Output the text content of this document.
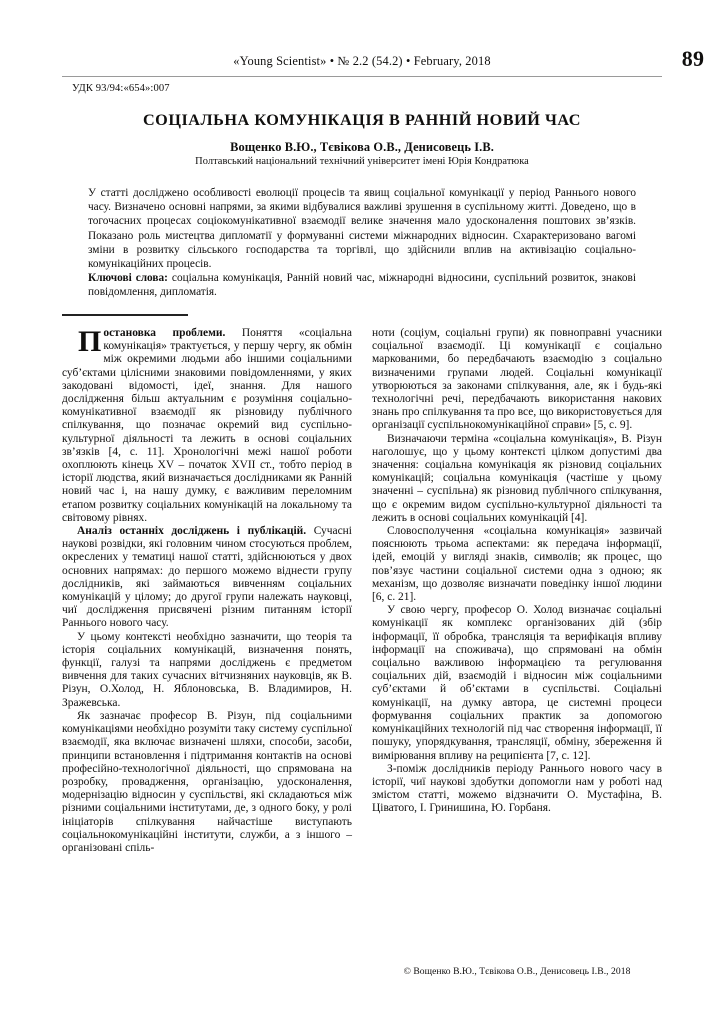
«Young Scientist» • № 2.2 (54.2) • February, 2018	89
УДК 93/94:«654»:007
СОЦІАЛЬНА КОМУНІКАЦІЯ В РАННІЙ НОВИЙ ЧАС
Вощенко В.Ю., Тєвікова О.В., Денисовець І.В.
Полтавський національний технічний університет імені Юрія Кондратюка

У статті досліджено особливості еволюції процесів та явищ соціальної комунікації у період Раннього нового часу. Визначено основні напрями, за якими відбувалися важливі зрушення в суспільному житті. Доведено, що в тогочасних процесах соціокомунікативної взаємодії велике значення мало удосконалення поштових зв’язків. Показано роль мистецтва дипломатії у формуванні системи міжнародних відносин. Схарактеризовано вагомі зміни в розвитку сільського господарства та торгівлі, що здійснили вплив на активізацію соціально-комунікаційних процесів.

Ключові слова: соціальна комунікація, Ранній новий час, міжнародні відносини, суспільний розвиток, знакові повідомлення, дипломатія.

Постановка проблеми. Поняття «соціальна комунікація» трактується, у першу чергу, як обмін між окремими людьми або іншими соціальними суб’єктами цілісними знаковими повідомленнями, у яких закодовані відомості, ідеї, знання. Для нашого дослідження більш актуальним є розуміння соціально-комунікативної взаємодії як різновиду публічного спілкування, що позначає окремий вид суспільно-культурної діяльності та лежить в основі соціальних зв’язків [4, с. 11]. Хронологічні межі нашої роботи охоплюють кінець XV – початок XVII ст., тобто період в історії людства, який визначається дослідниками як Ранній новий час і, на нашу думку, є важливим переломним етапом розвитку соціальних комунікацій на локальному та світовому рівнях.

Аналіз останніх досліджень і публікацій. Сучасні наукові розвідки, які головним чином стосуються проблем, окреслених у тематиці нашої статті, здійснюються у двох основних напрямах: до першого можемо віднести групу дослідників, які займаються вивченням соціальних комунікацій у цілому; до другої групи належать науковці, чиї дослідження присвячені різним питанням історії Раннього нового часу.

У цьому контексті необхідно зазначити, що теорія та історія соціальних комунікацій, визначення понять, функції, галузі та напрями досліджень є предметом вивчення для таких сучасних вітчизняних науковців, як В. Різун, О.Холод, Н. Яблоновська, В. Владимиров, Н. Зражевська.

Як зазначає професор В. Різун, під соціальними комунікаціями необхідно розуміти таку систему суспільної взаємодії, яка включає визначені шляхи, способи, засоби, принципи встановлення і підтримання контактів на основі професійно-технологічної діяльності, що спрямована на розробку, провадження, організацію, удосконалення, модернізацію відносин у суспільстві, які складаються між різними соціальними інститутами, де, з одного боку, у ролі ініціаторів спілкування найчастіше виступають соціальнокомунікаційні інститути, служби, а з іншого – організовані спіль-

ноти (соціум, соціальні групи) як повноправні учасники соціальної взаємодії. Ці комунікації є соціально маркованими, бо передбачають взаємодію з соціально визначеними групами людей. Соціальні комунікації утворюються за законами спілкування, але, як і будь-які технологічні речі, передбачають використання накових знань про спілкування та про все, що використовується для організації суспільнокомунікаційної справи» [5, с. 9].

Визначаючи терміна «соціальна комунікація», В. Різун наголошує, що у цьому контексті цілком допустимі два значення: соціальна комунікація як різновид соціальних комунікацій; соціальна комунікація (частіше у цьому значенні – суспільна) як різновид публічного спілкування, що є окремим видом суспільно-культурної діяльності та лежить в основі соціальних комунікацій [4].

Словосполучення «соціальна комунікація» зазвичай пояснюють трьома аспектами: як передача інформації, ідей, емоцій у вигляді знаків, символів; як процес, що пов’язує частини соціальної системи одна з одною; як механізм, що дозволяє визначати поведінку іншої людини [6, с. 21].

У свою чергу, професор О. Холод визначає соціальні комунікації як комплекс організованих дій (збір інформації, її обробка, трансляція та верифікація впливу інформації на споживача), що спрямовані на обмін соціально важливою інформацією та регулювання соціальних дій, взаємодій і відносин між соціальними суб’єктами й об’єктами в суспільстві. Соціальні комунікації, на думку автора, це системні процеси формування соціальних практик за допомогою комунікаційних технологій під час створення інформації, її пошуку, упорядкування, трансляції, обміну, збереження й вимірювання впливу на реципієнта [7, с. 12].

З-поміж дослідників періоду Раннього нового часу в історії, чиї наукові здобутки допомогли нам у роботі над змістом статті, можемо відзначити О. Мустафіна, В. Ціватого, І. Гринишина, Ю. Горбаня.

© Вощенко В.Ю., Тєвікова О.В., Денисовець І.В., 2018
